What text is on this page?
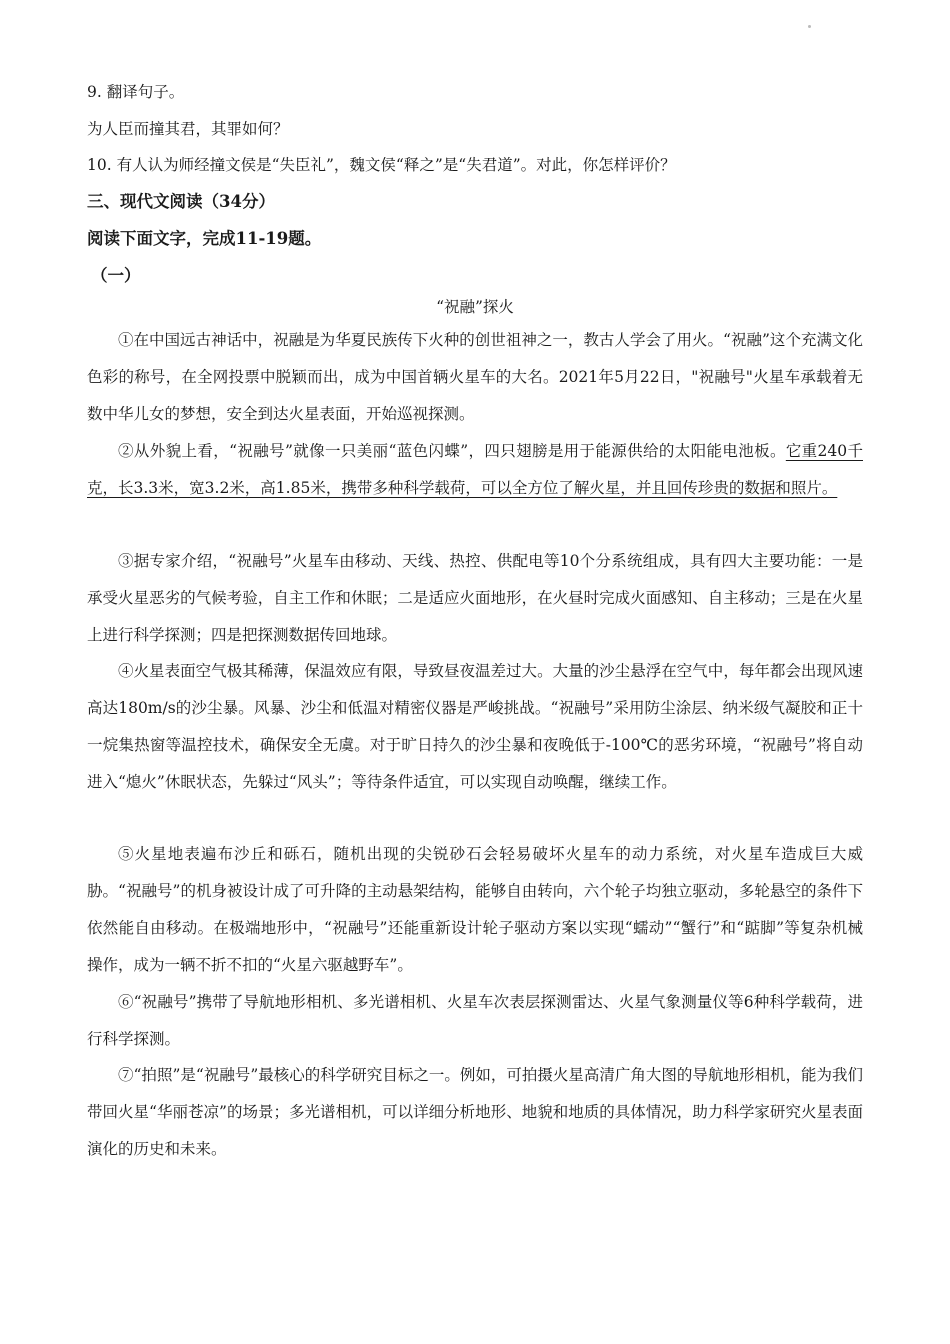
9. 翻译句子。
为人臣而撞其君，其罪如何？
10. 有人认为师经撞文侯是“失臣礼”，魏文侯“释之”是“失君道”。对此，你怎样评价？
三、现代文阅读（34分）
阅读下面文字，完成11-19题。
（一）
“祝融”探火
①在中国远古神话中，祝融是为华夏民族传下火种的创世祖神之一，教古人学会了用火。“祝融”这个充满文化色彩的称号，在全网投票中脱颖而出，成为中国首辆火星车的大名。2021年5月22日，"祝融号"火星车承载着无数中华儿女的梦想，安全到达火星表面，开始巡视探测。
②从外貌上看，“祝融号”就像一只美丽“蓝色闪蝶”，四只翅膀是用于能源供给的太阳能电池板。它重240千克，长3.3米，宽3.2米，高1.85米，携带多种科学载荷，可以全方位了解火星，并且回传珍贵的数据和照片。
③据专家介绍，“祝融号”火星车由移动、天线、热控、供配电等10个分系统组成，具有四大主要功能：一是承受火星恶劣的气候考验，自主工作和休眠；二是适应火面地形，在火昼时完成火面感知、自主移动；三是在火星上进行科学探测；四是把探测数据传回地球。
④火星表面空气极其稀薄，保温效应有限，导致昼夜温差过大。大量的沙尘悬浮在空气中，每年都会出现风速高达180m/s的沙尘暴。风暴、沙尘和低温对精密仪器是严峻挑战。“祝融号”采用防尘涂层、纳米级气凝胶和正十一烷集热窗等温控技术，确保安全无虞。对于旷日持久的沙尘暴和夜晚低于-100℃的恶劣环境，“祝融号”将自动进入“熄火”休眠状态，先躲过“风头”；等待条件适宜，可以实现自动唤醒，继续工作。
⑤火星地表遍布沙丘和砾石，随机出现的尖锐砂石会轻易破坏火星车的动力系统，对火星车造成巨大威胁。“祝融号”的机身被设计成了可升降的主动悬架结构，能够自由转向，六个轮子均独立驱动，多轮悬空的条件下依然能自由移动。在极端地形中，“祝融号”还能重新设计轮子驱动方案以实现“蠕动”“蟹行”和“踮脚”等复杂机械操作，成为一辆不折不扣的“火星六驱越野车”。
⑥“祝融号”携带了导航地形相机、多光谱相机、火星车次表层探测雷达、火星气象测量仪等6种科学载荷，进行科学探测。
⑦“拍照”是“祝融号”最核心的科学研究目标之一。例如，可拍摄火星高清广角大图的导航地形相机，能为我们带回火星“华丽苍凉”的场景；多光谱相机，可以详细分析地形、地貌和地质的具体情况，助力科学家研究火星表面演化的历史和未来。
